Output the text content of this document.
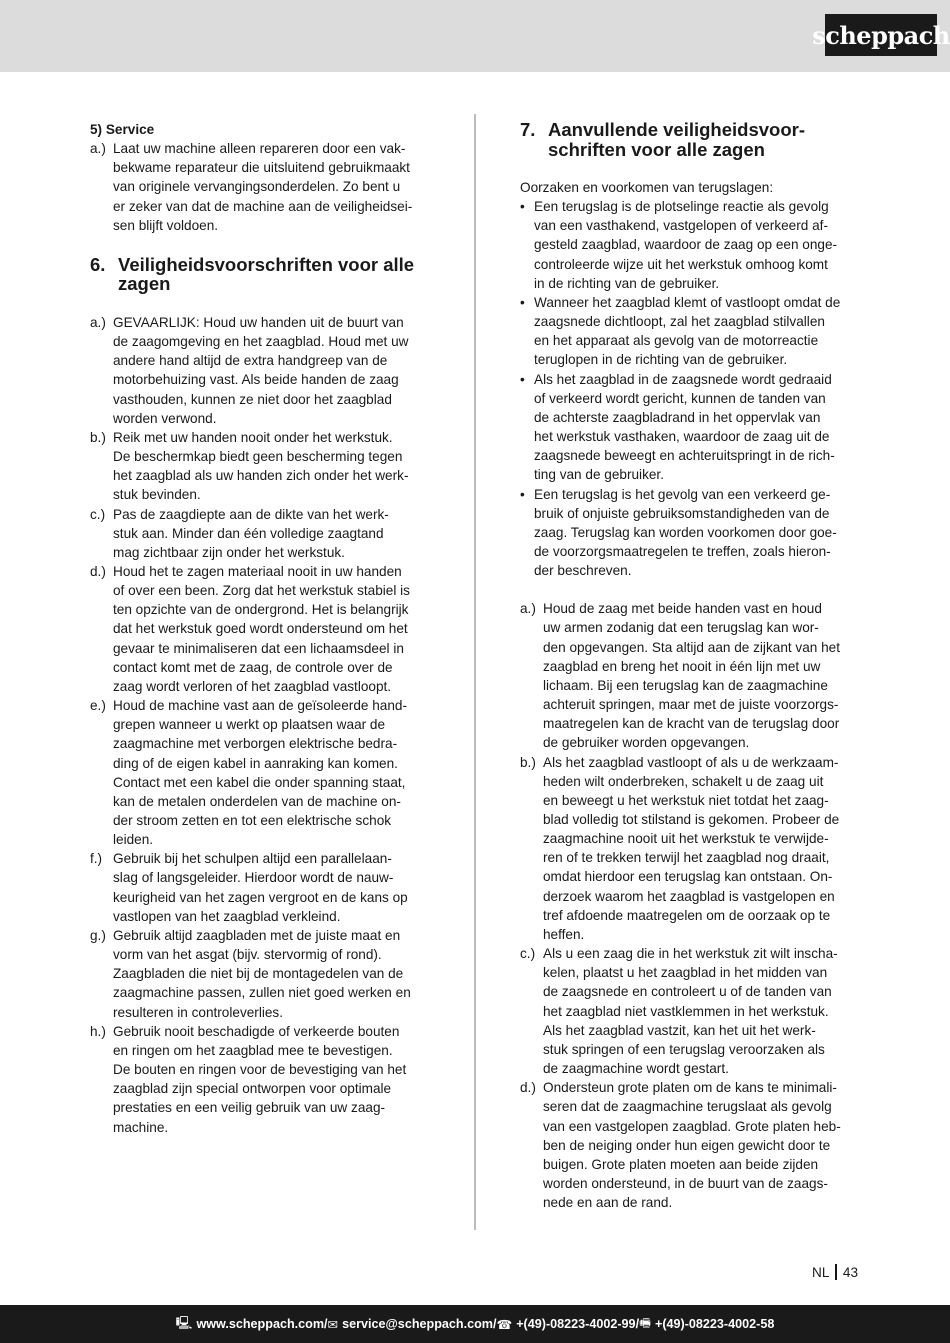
scheppach
5) Service
a.) Laat uw machine alleen repareren door een vak-
bekwame reparateur die uitsluitend gebruikmaakt
van originele vervangingsonderdelen. Zo bent u
er zeker van dat de machine aan de veiligheidsei-
sen blijft voldoen.
6. Veiligheidsvoorschriften voor alle
zagen
a.) GEVAARLIJK: Houd uw handen uit de buurt van
de zaagomgeving en het zaagblad. Houd met uw
andere hand altijd de extra handgreep van de
motorbehuizing vast. Als beide handen de zaag
vasthouden, kunnen ze niet door het zaagblad
worden verwond.
b.) Reik met uw handen nooit onder het werkstuk.
De beschermkap biedt geen bescherming tegen
het zaagblad als uw handen zich onder het werk-
stuk bevinden.
c.) Pas de zaagdiepte aan de dikte van het werk-
stuk aan. Minder dan één volledige zaagtand
mag zichtbaar zijn onder het werkstuk.
d.) Houd het te zagen materiaal nooit in uw handen
of over een been. Zorg dat het werkstuk stabiel is
ten opzichte van de ondergrond. Het is belangrijk
dat het werkstuk goed wordt ondersteund om het
gevaar te minimaliseren dat een lichaamsdeel in
contact komt met de zaag, de controle over de
zaag wordt verloren of het zaagblad vastloopt.
e.) Houd de machine vast aan de geïsoleerde hand-
grepen wanneer u werkt op plaatsen waar de
zaagmachine met verborgen elektrische bedra-
ding of de eigen kabel in aanraking kan komen.
Contact met een kabel die onder spanning staat,
kan de metalen onderdelen van de machine on-
der stroom zetten en tot een elektrische schok
leiden.
f.) Gebruik bij het schulpen altijd een parallelaan-
slag of langsgeleider. Hierdoor wordt de nauw-
keurigheid van het zagen vergroot en de kans op
vastlopen van het zaagblad verkleind.
g.) Gebruik altijd zaagbladen met de juiste maat en
vorm van het asgat (bijv. stervormig of rond).
Zaagbladen die niet bij de montagedelen van de
zaagmachine passen, zullen niet goed werken en
resulteren in controleverlies.
h.) Gebruik nooit beschadigde of verkeerde bouten
en ringen om het zaagblad mee te bevestigen.
De bouten en ringen voor de bevestiging van het
zaagblad zijn special ontworpen voor optimale
prestaties en een veilig gebruik van uw zaag-
machine.
7. Aanvullende veiligheidsvoor-
schriften voor alle zagen
Oorzaken en voorkomen van terugslagen:
• Een terugslag is de plotselinge reactie als gevolg
van een vasthakend, vastgelopen of verkeerd af-
gesteld zaagblad, waardoor de zaag op een onge-
controleerde wijze uit het werkstuk omhoog komt
in de richting van de gebruiker.
• Wanneer het zaagblad klemt of vastloopt omdat de
zaagsnede dichtloopt, zal het zaagblad stilvallen
en het apparaat als gevolg van de motorreactie
teruglopen in de richting van de gebruiker.
• Als het zaagblad in de zaagsnede wordt gedraaid
of verkeerd wordt gericht, kunnen de tanden van
de achterste zaagbladrand in het oppervlak van
het werkstuk vasthaken, waardoor de zaag uit de
zaagsnede beweegt en achteruitspringt in de rich-
ting van de gebruiker.
• Een terugslag is het gevolg van een verkeerd ge-
bruik of onjuiste gebruiksomstandigheden van de
zaag. Terugslag kan worden voorkomen door goe-
de voorzorgsmaatregelen te treffen, zoals hieron-
der beschreven.
a.) Houd de zaag met beide handen vast en houd
uw armen zodanig dat een terugslag kan wor-
den opgevangen. Sta altijd aan de zijkant van het
zaagblad en breng het nooit in één lijn met uw
lichaam. Bij een terugslag kan de zaagmachine
achteruit springen, maar met de juiste voorzorgs-
maatregelen kan de kracht van de terugslag door
de gebruiker worden opgevangen.
b.) Als het zaagblad vastloopt of als u de werkzaam-
heden wilt onderbreken, schakelt u de zaag uit
en beweegt u het werkstuk niet totdat het zaag-
blad volledig tot stilstand is gekomen. Probeer de
zaagmachine nooit uit het werkstuk te verwijde-
ren of te trekken terwijl het zaagblad nog draait,
omdat hierdoor een terugslag kan ontstaan. On-
derzoek waarom het zaagblad is vastgelopen en
tref afdoende maatregelen om de oorzaak op te
heffen.
c.) Als u een zaag die in het werkstuk zit wilt inscha-
kelen, plaatst u het zaagblad in het midden van
de zaagsnede en controleert u of de tanden van
het zaagblad niet vastklemmen in het werkstuk.
Als het zaagblad vastzit, kan het uit het werk-
stuk springen of een terugslag veroorzaken als
de zaagmachine wordt gestart.
d.) Ondersteun grote platen om de kans te minimali-
seren dat de zaagmachine terugslaat als gevolg
van een vastgelopen zaagblad. Grote platen heb-
ben de neiging onder hun eigen gewicht door te
buigen. Grote platen moeten aan beide zijden
worden ondersteund, in de buurt van de zaags-
nede en aan de rand.
NL 43
🖳 www.scheppach.com / ✉ service@scheppach.com / ☎ +(49)-08223-4002-99 / 🖷 +(49)-08223-4002-58
